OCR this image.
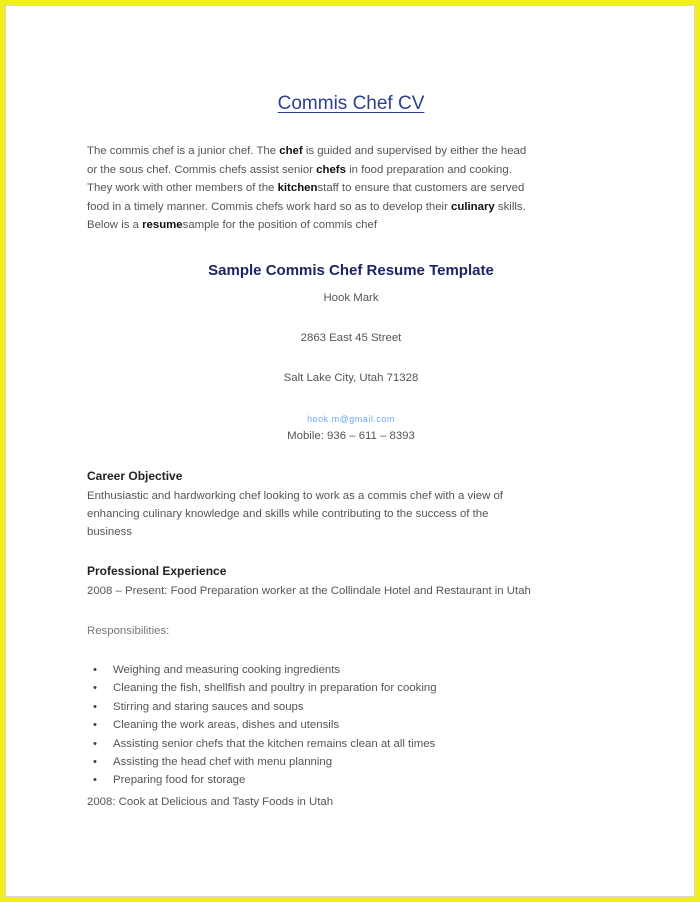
Commis Chef CV
The commis chef is a junior chef. The chef is guided and supervised by either the head
or the sous chef. Commis chefs assist senior chefs in food preparation and cooking.
They work with other members of the kitchenstaff to ensure that customers are served
food in a timely manner. Commis chefs work hard so as to develop their culinary skills.
Below is a resumesample for the position of commis chef
Sample Commis Chef Resume Template
Hook Mark
2863 East 45 Street
Salt Lake City, Utah 71328
hook.m@gmail.com
Mobile: 936 – 611 – 8393
Career Objective
Enthusiastic and hardworking chef looking to work as a commis chef with a view of
enhancing culinary knowledge and skills while contributing to the success of the
business
Professional Experience
2008 – Present: Food Preparation worker at the Collindale Hotel and Restaurant in Utah
Responsibilities:
• Weighing and measuring cooking ingredients
• Cleaning the fish, shellfish and poultry in preparation for cooking
• Stirring and staring sauces and soups
• Cleaning the work areas, dishes and utensils
• Assisting senior chefs that the kitchen remains clean at all times
• Assisting the head chef with menu planning
• Preparing food for storage
2008: Cook at Delicious and Tasty Foods in Utah
